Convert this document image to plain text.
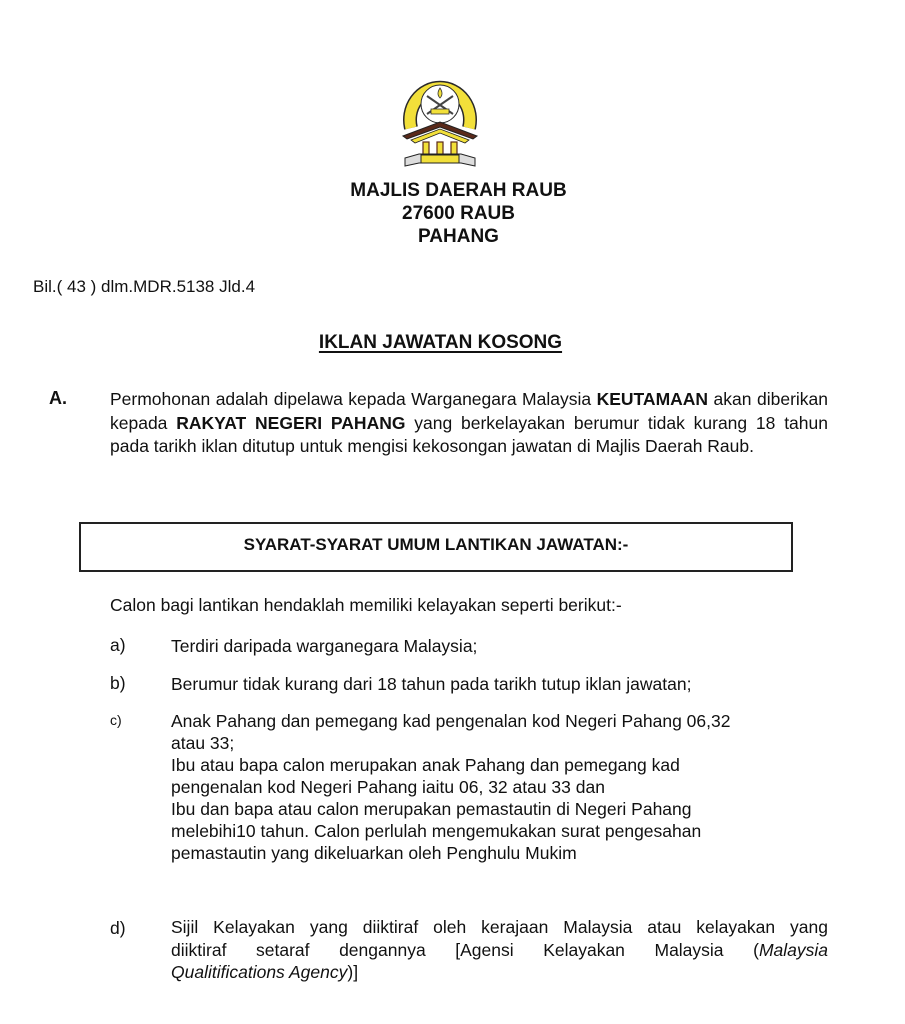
MAJLIS DAERAH RAUB
27600 RAUB
PAHANG
Bil.( 43 ) dlm.MDR.5138 Jld.4
IKLAN JAWATAN KOSONG
A. Permohonan adalah dipelawa kepada Warganegara Malaysia KEUTAMAAN akan diberikan kepada RAKYAT NEGERI PAHANG yang berkelayakan berumur tidak kurang 18 tahun pada tarikh iklan ditutup untuk mengisi kekosongan jawatan di Majlis Daerah Raub.
SYARAT-SYARAT UMUM LANTIKAN JAWATAN:-
Calon bagi lantikan hendaklah memiliki kelayakan seperti berikut:-
a)	Terdiri daripada warganegara Malaysia;
b)	Berumur tidak kurang dari 18 tahun pada tarikh tutup iklan jawatan;
c)	Anak Pahang dan pemegang kad pengenalan kod Negeri Pahang 06,32
atau 33;
Ibu atau bapa calon merupakan anak Pahang dan pemegang kad
pengenalan kod Negeri Pahang iaitu 06, 32 atau 33 dan
Ibu dan bapa atau calon merupakan pemastautin di Negeri Pahang
melebihi10 tahun. Calon perlulah mengemukakan surat pengesahan
pemastautin yang dikeluarkan oleh Penghulu Mukim
d)	Sijil Kelayakan yang diiktiraf oleh kerajaan Malaysia atau kelayakan yang
diiktiraf setaraf dengannya [Agensi Kelayakan Malaysia (Malaysia
Qualitifications Agency)]
